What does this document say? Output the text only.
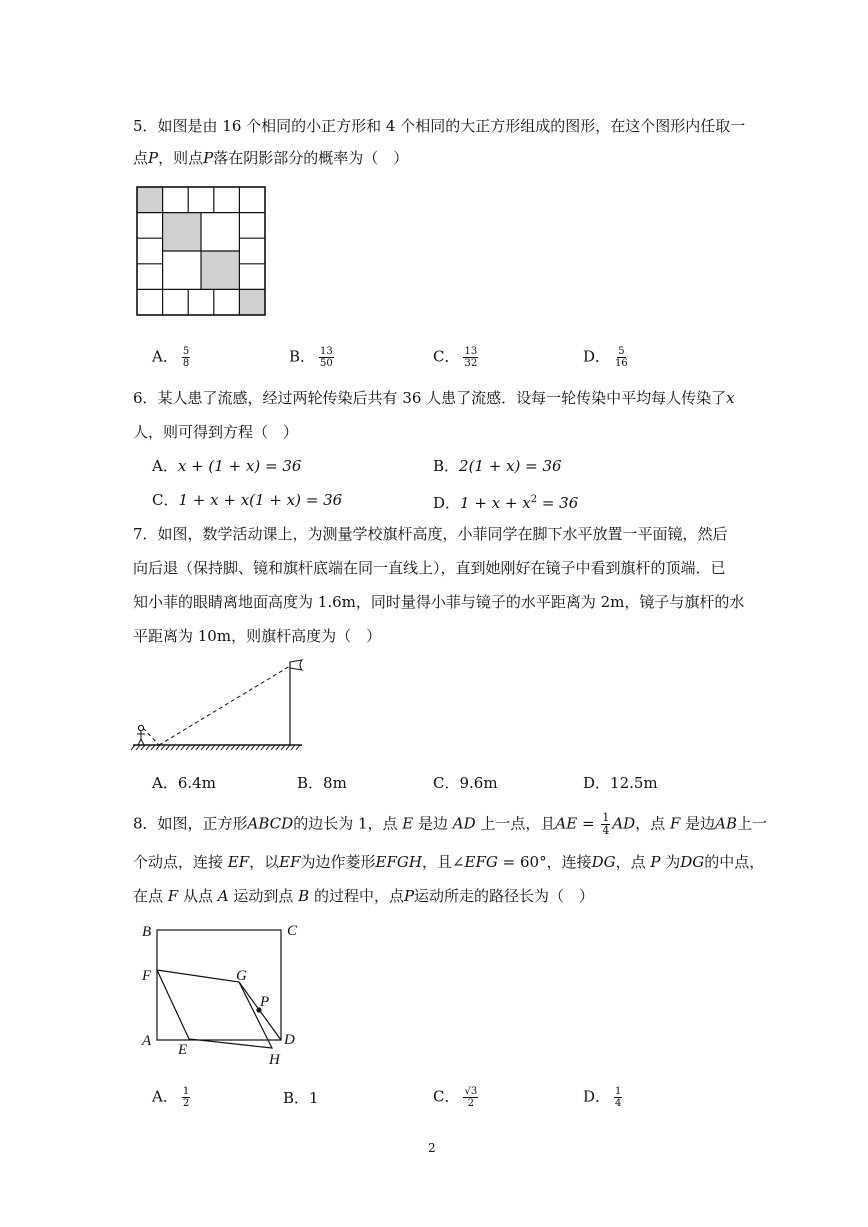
5．如图是由 16 个相同的小正方形和 4 个相同的大正方形组成的图形，在这个图形内任取一
点P，则点P落在阴影部分的概率为（　）
A． $\frac{5}{8}$	B． $\frac{13}{50}$	C． $\frac{13}{32}$	D． $\frac{5}{16}$
6．某人患了流感，经过两轮传染后共有 36 人患了流感．设每一轮传染中平均每人传染了x
人，则可得到方程（　）
A．x + (1 + x) = 36	B．2(1 + x) = 36
C．1 + x + x(1 + x) = 36	D．$1 + x + x^2 = 36$
7．如图，数学活动课上，为测量学校旗杆高度，小菲同学在脚下水平放置一平面镜，然后
向后退（保持脚、镜和旗杆底端在同一直线上），直到她刚好在镜子中看到旗杆的顶端．已
知小菲的眼睛离地面高度为 1.6m，同时量得小菲与镜子的水平距离为 2m，镜子与旗杆的水
平距离为 10m，则旗杆高度为（　）
A．6.4m	B．8m	C．9.6m	D．12.5m
8．如图，正方形ABCD的边长为 1，点 E 是边 AD 上一点，且AE = $\frac{1}{4}$ AD，点 F 是边AB上一
个动点，连接 EF，以EF为边作菱形EFGH，且∠EFG = 60°，连接DG，点 P 为DG的中点，
在点 F 从点 A 运动到点 B 的过程中，点P运动所走的路径长为（　）
B	C
F	G
P
A
E
D
H
A． $\frac{1}{2}$	B．1	C． $\frac{√3}{2}$	D． $\frac{1}{4}$
2
